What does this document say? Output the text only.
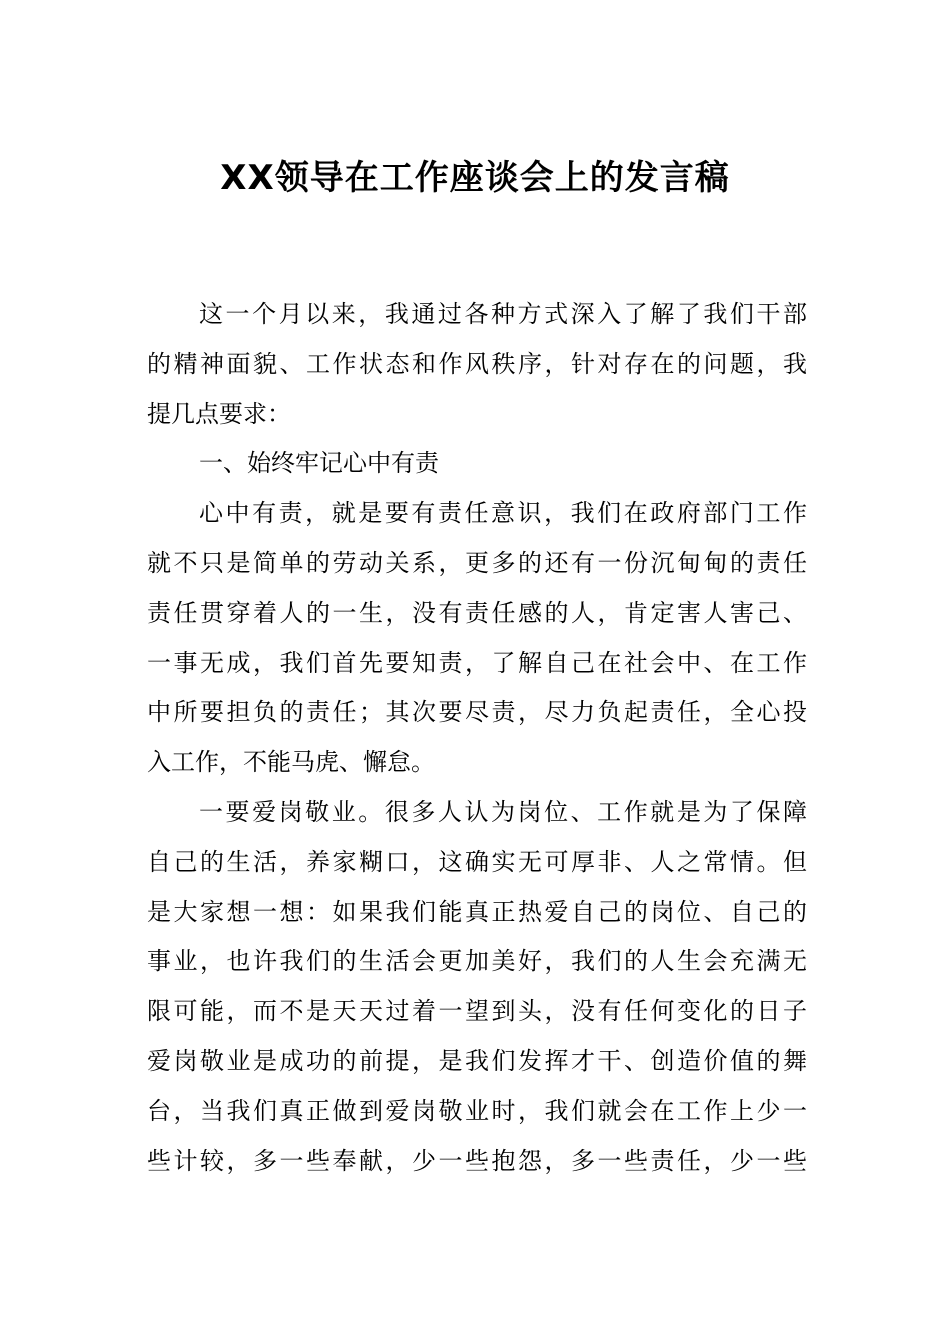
XX领导在工作座谈会上的发言稿
这一个月以来，我通过各种方式深入了解了我们干部
的精神面貌、工作状态和作风秩序，针对存在的问题，我
提几点要求：
一、始终牢记心中有责
心中有责，就是要有责任意识，我们在政府部门工作
就不只是简单的劳动关系，更多的还有一份沉甸甸的责任
责任贯穿着人的一生，没有责任感的人，肯定害人害己、
一事无成，我们首先要知责，了解自己在社会中、在工作
中所要担负的责任；其次要尽责，尽力负起责任，全心投
入工作，不能马虎、懈怠。
一要爱岗敬业。很多人认为岗位、工作就是为了保障
自己的生活，养家糊口，这确实无可厚非、人之常情。但
是大家想一想：如果我们能真正热爱自己的岗位、自己的
事业，也许我们的生活会更加美好，我们的人生会充满无
限可能，而不是天天过着一望到头，没有任何变化的日子
爱岗敬业是成功的前提，是我们发挥才干、创造价值的舞
台，当我们真正做到爱岗敬业时，我们就会在工作上少一
些计较，多一些奉献，少一些抱怨，多一些责任，少一些
